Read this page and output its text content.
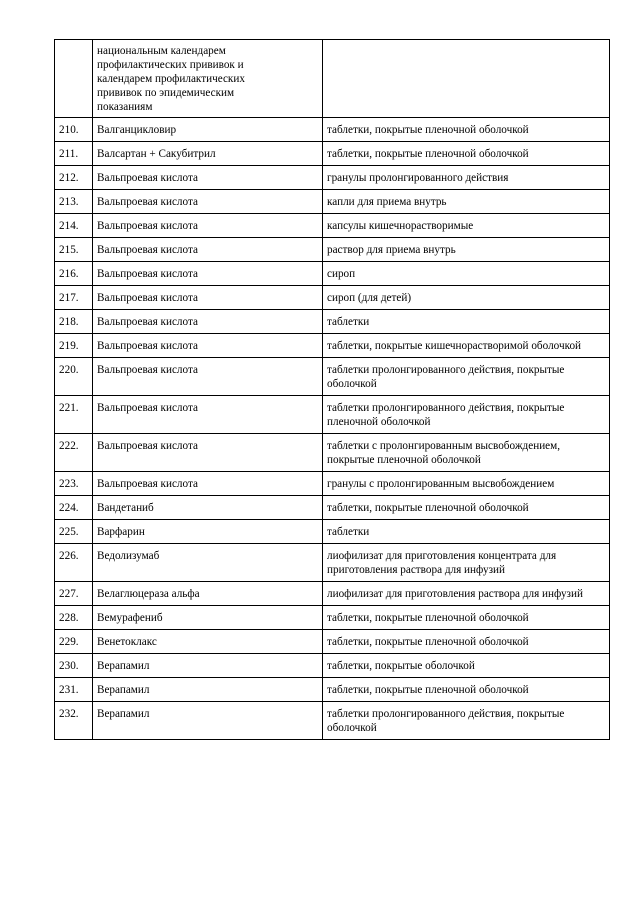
	национальным календарем
профилактических прививок и
календарем профилактических
прививок по эпидемическим
показаниям	

210.	Валганцикловир	таблетки, покрытые пленочной оболочкой
211.	Валсартан + Сакубитрил	таблетки, покрытые пленочной оболочкой
212.	Вальпроевая кислота	гранулы пролонгированного действия
213.	Вальпроевая кислота	капли для приема внутрь
214.	Вальпроевая кислота	капсулы кишечнорастворимые
215.	Вальпроевая кислота	раствор для приема внутрь
216.	Вальпроевая кислота	сироп
217.	Вальпроевая кислота	сироп (для детей)
218.	Вальпроевая кислота	таблетки
219.	Вальпроевая кислота	таблетки, покрытые кишечнорастворимой оболочкой
220.	Вальпроевая кислота	таблетки пролонгированного действия, покрытые оболочкой
221.	Вальпроевая кислота	таблетки пролонгированного действия, покрытые пленочной оболочкой
222.	Вальпроевая кислота	таблетки с пролонгированным высвобождением, покрытые пленочной оболочкой
223.	Вальпроевая кислота	гранулы с пролонгированным высвобождением
224.	Вандетаниб	таблетки, покрытые пленочной оболочкой
225.	Варфарин	таблетки
226.	Ведолизумаб	лиофилизат для приготовления концентрата для приготовления раствора для инфузий
227.	Велаглюцераза альфа	лиофилизат для приготовления раствора для инфузий
228.	Вемурафениб	таблетки, покрытые пленочной оболочкой
229.	Венетоклакс	таблетки, покрытые пленочной оболочкой
230.	Верапамил	таблетки, покрытые оболочкой
231.	Верапамил	таблетки, покрытые пленочной оболочкой
232.	Верапамил	таблетки пролонгированного действия, покрытые оболочкой
